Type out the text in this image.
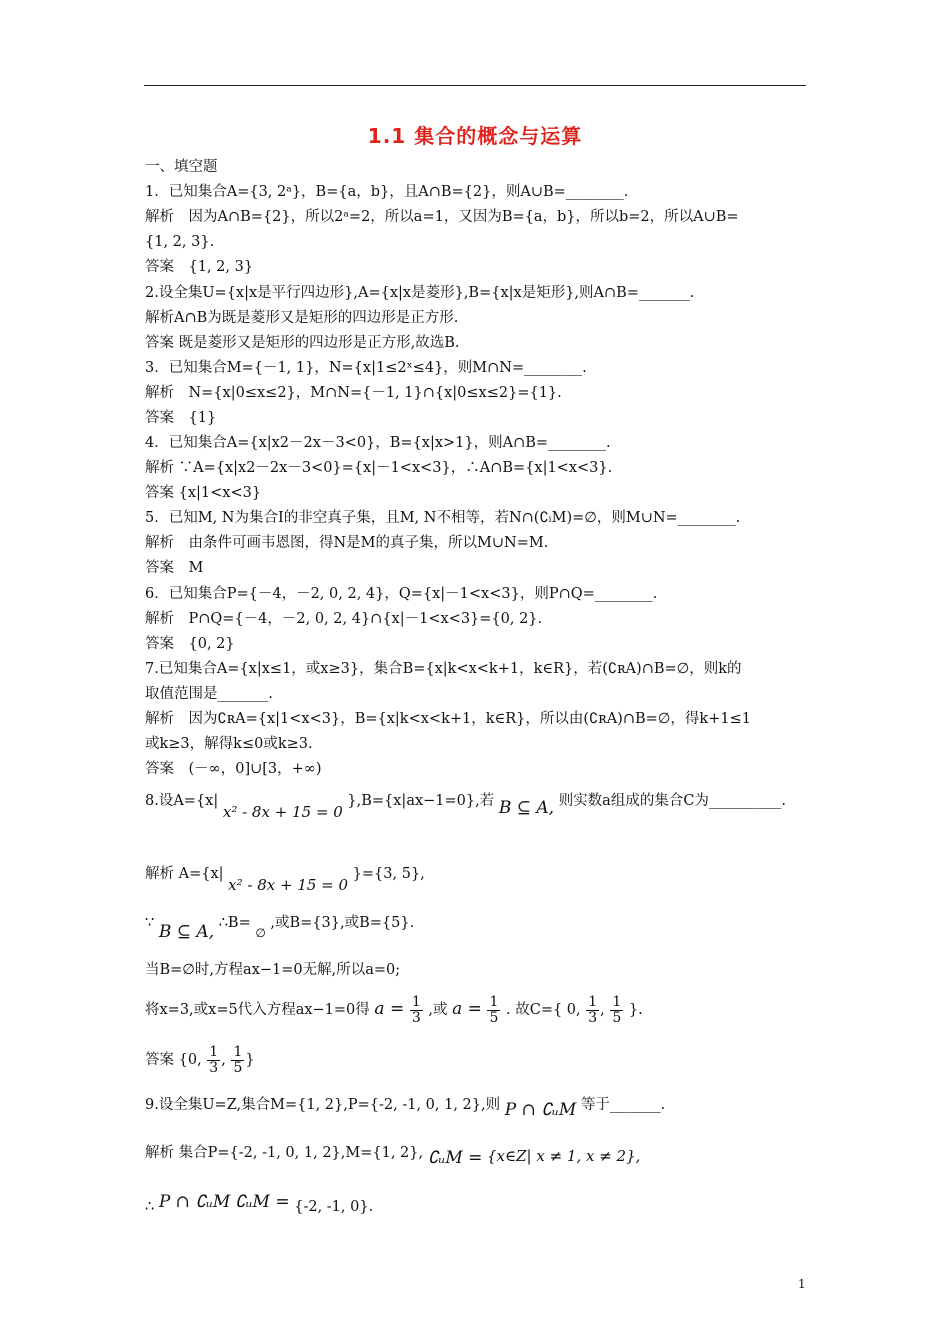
1.1 集合的概念与运算
一、填空题
1．已知集合A={3, 2ᵃ}，B={a，b}，且A∩B={2}，则A∪B=________.
解析　因为A∩B={2}，所以2ᵃ=2，所以a=1，又因为B={a，b}，所以b=2，所以A∪B=
{1, 2, 3}.
答案　{1, 2, 3}
2.设全集U={x|x是平行四边形},A={x|x是菱形},B={x|x是矩形},则A∩B=_______.
解析A∩B为既是菱形又是矩形的四边形是正方形.
答案 既是菱形又是矩形的四边形是正方形,故选B.
3．已知集合M={－1, 1}，N={x|1≤2ˣ≤4}，则M∩N=________.
解析　N={x|0≤x≤2}，M∩N={－1, 1}∩{x|0≤x≤2}={1}.
答案　{1}
4．已知集合A={x|x2－2x－3<0}，B={x|x>1}，则A∩B=________.
解析 ∵A={x|x2－2x－3<0}={x|－1<x<3}，∴A∩B={x|1<x<3}.
答案 {x|1<x<3}
5．已知M, N为集合I的非空真子集，且M, N不相等，若N∩(∁ᵢM)=∅，则M∪N=________.
解析　由条件可画韦恩图，得N是M的真子集，所以M∪N=M.
答案　M
6．已知集合P={－4，－2, 0, 2, 4}，Q={x|－1<x<3}，则P∩Q=________.
解析　P∩Q={－4，－2, 0, 2, 4}∩{x|－1<x<3}={0, 2}.
答案　{0, 2}
7.已知集合A={x|x≤1，或x≥3}，集合B={x|k<x<k+1，k∈R}，若(∁ʀA)∩B=∅，则k的
取值范围是_______.
解析　因为∁ʀA={x|1<x<3}，B={x|k<x<k+1，k∈R}，所以由(∁ʀA)∩B=∅，得k+1≤1
或k≥3，解得k≤0或k≥3.
答案　(－∞，0]∪[3，+∞)
8.设A={x| x² - 8x + 15 = 0 },B={x|ax−1=0},若 B ⊆ A, 则实数a组成的集合C为__________.
解析 A={x| x² - 8x + 15 = 0 }={3, 5},
∵ B ⊆ A, ∴B= $_\emptyset$ ,或B={3},或B={5}.
当B=∅时,方程ax−1=0无解,所以a=0;
将x=3,或x=5代入方程ax−1=0得 $a = \frac{1}{3}$ ,或 $a = \frac{1}{5}$ . 故C={ 0, $\frac{1}{3}$ , $\frac{1}{5}$ }.
答案 {0, $\frac{1}{3}$ , $\frac{1}{5}$ }
9.设全集U=Z,集合M={1, 2},P={-2, -1, 0, 1, 2},则 P ∩ ∁ᵤM 等于_______.
解析 集合P={-2, -1, 0, 1, 2},M={1, 2}, ∁ᵤM = {x∈Z| x ≠ 1, x ≠ 2},
∴ P ∩ ∁ᵤM ∁ᵤM = {-2, -1, 0}.
1
